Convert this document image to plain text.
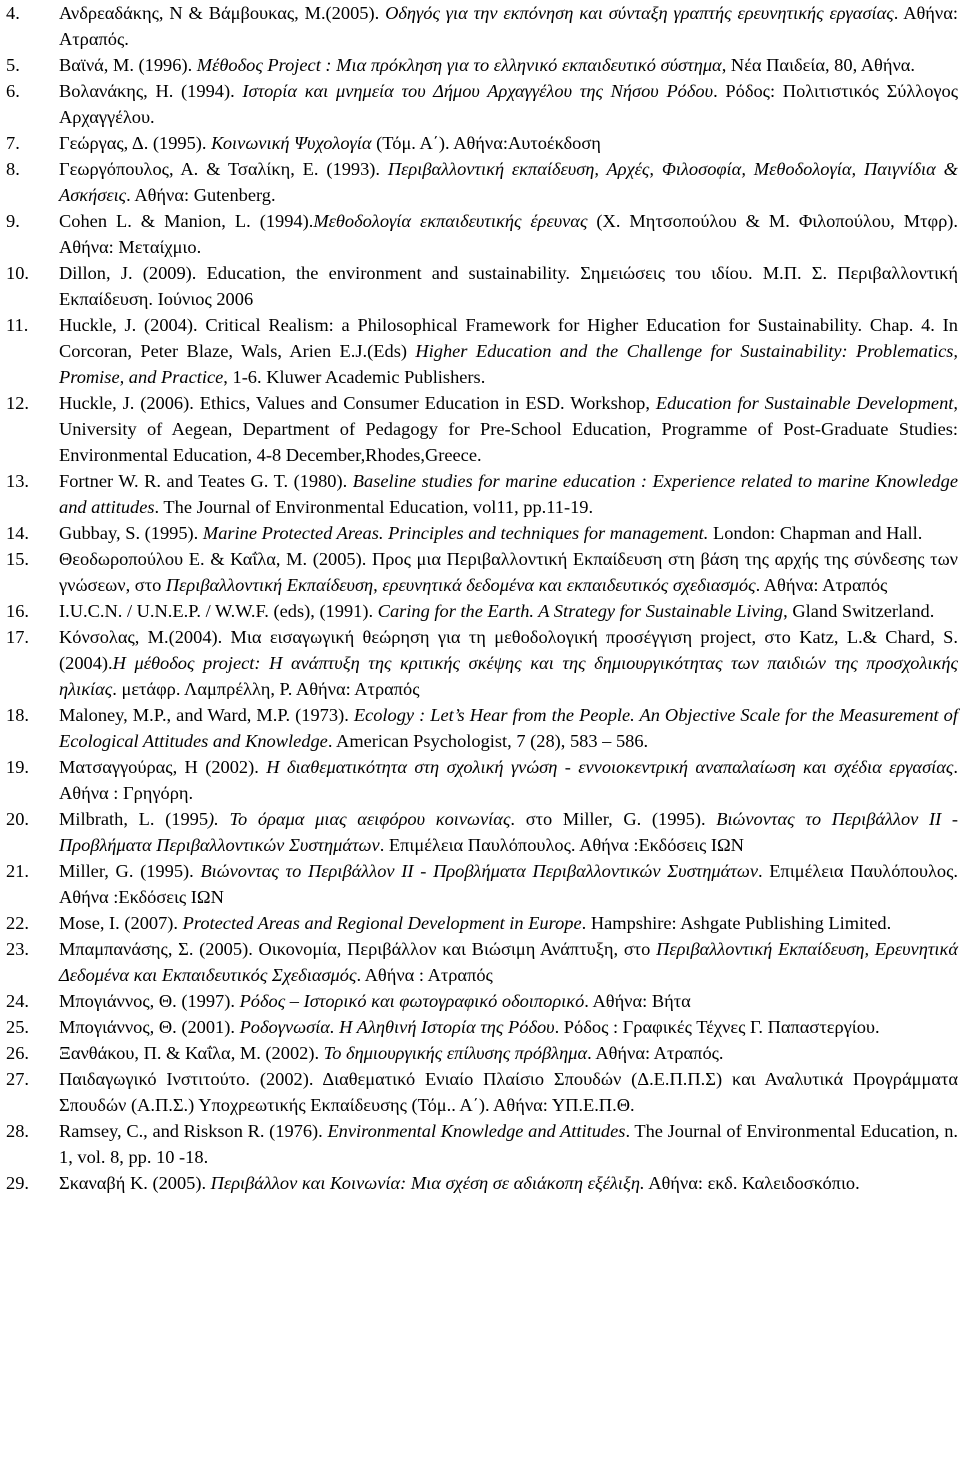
4. Ανδρεαδάκης, Ν & Βάμβουκας, Μ.(2005). Οδηγός για την εκπόνηση και σύνταξη γραπτής ερευνητικής εργασίας. Αθήνα: Ατραπός.
5. Βαϊνά, Μ. (1996). Μέθοδος Project : Μια πρόκληση για το ελληνικό εκπαιδευτικό σύστημα, Νέα Παιδεία, 80, Αθήνα.
6. Βολανάκης, Η. (1994). Ιστορία και μνημεία του Δήμου Αρχαγγέλου της Νήσου Ρόδου. Ρόδος: Πολιτιστικός Σύλλογος Αρχαγγέλου.
7. Γεώργας, Δ. (1995). Κοινωνική Ψυχολογία (Τόμ. Α΄). Αθήνα:Αυτοέκδοση
8. Γεωργόπουλος, Α. & Τσαλίκη, Ε. (1993). Περιβαλλοντική εκπαίδευση, Αρχές, Φιλοσοφία, Μεθοδολογία, Παιγνίδια & Ασκήσεις. Αθήνα: Gutenberg.
9. Cohen L. & Manion, L. (1994).Μεθοδολογία εκπαιδευτικής έρευνας (Χ. Μητσοπούλου & Μ. Φιλοπούλου, Μτφρ). Αθήνα: Μεταίχμιο.
10. Dillon, J. (2009). Education, the environment and sustainability. Σημειώσεις του ιδίου. Μ.Π. Σ. Περιβαλλοντική Εκπαίδευση. Ιούνιος 2006
11. Huckle, J. (2004). Critical Realism: a Philosophical Framework for Higher Education for Sustainability. Chap. 4. In Corcoran, Peter Blaze, Wals, Arien E.J.(Eds) Higher Education and the Challenge for Sustainability: Problematics, Promise, and Practice, 1-6. Kluwer Academic Publishers.
12. Huckle, J. (2006). Ethics, Values and Consumer Education in ESD. Workshop, Education for Sustainable Development, University of Aegean, Department of Pedagogy for Pre-School Education, Programme of Post-Graduate Studies: Environmental Education, 4-8 December,Rhodes,Greece.
13. Fortner W. R. and Teates G. T. (1980). Baseline studies for marine education : Experience related to marine Knowledge and attitudes. The Journal of Environmental Education, vol11, pp.11-19.
14. Gubbay, S. (1995). Marine Protected Areas. Principles and techniques for management. London: Chapman and Hall.
15. Θεοδωροπούλου Ε. & Καΐλα, Μ. (2005). Προς μια Περιβαλλοντική Εκπαίδευση στη βάση της αρχής της σύνδεσης των γνώσεων, στο Περιβαλλοντική Εκπαίδευση, ερευνητικά δεδομένα και εκπαιδευτικός σχεδιασμός. Αθήνα: Ατραπός
16. I.U.C.N. / U.N.E.P. / W.W.F. (eds), (1991). Caring for the Earth. A Strategy for Sustainable Living, Gland Switzerland.
17. Κόνσολας, Μ.(2004). Μια εισαγωγική θεώρηση για τη μεθοδολογική προσέγγιση project, στο Katz, L.& Chard, S.(2004).Η μέθοδος project: Η ανάπτυξη της κριτικής σκέψης και της δημιουργικότητας των παιδιών της προσχολικής ηλικίας. μετάφρ. Λαμπρέλλη, Ρ. Αθήνα: Ατραπός
18. Maloney, M.P., and Ward, M.P. (1973). Ecology : Let’s Hear from the People. An Objective Scale for the Measurement of Ecological Attitudes and Knowledge. American Psychologist, 7 (28), 583 – 586.
19. Ματσαγγούρας, Η (2002). Η διαθεματικότητα στη σχολική γνώση - εννοιοκεντρική αναπαλαίωση και σχέδια εργασίας. Αθήνα : Γρηγόρη.
20. Milbrath, L. (1995). Το όραμα μιας αειφόρου κοινωνίας. στο Miller, G. (1995). Βιώνοντας το Περιβάλλον ΙΙ - Προβλήματα Περιβαλλοντικών Συστημάτων. Επιμέλεια Παυλόπουλος. Αθήνα :Εκδόσεις ΙΩΝ
21. Miller, G. (1995). Βιώνοντας το Περιβάλλον ΙΙ - Προβλήματα Περιβαλλοντικών Συστημάτων. Επιμέλεια Παυλόπουλος. Αθήνα :Εκδόσεις ΙΩΝ
22. Mose, I. (2007). Protected Areas and Regional Development in Europe. Hampshire: Ashgate Publishing Limited.
23. Μπαμπανάσης, Σ. (2005). Οικονομία, Περιβάλλον και Βιώσιμη Ανάπτυξη, στο Περιβαλλοντική Εκπαίδευση, Ερευνητικά Δεδομένα και Εκπαιδευτικός Σχεδιασμός. Αθήνα : Ατραπός
24. Μπογιάννος, Θ. (1997). Ρόδος – Ιστορικό και φωτογραφικό οδοιπορικό. Αθήνα: Βήτα
25. Μπογιάννος, Θ. (2001). Ροδογνωσία. Η Αληθινή Ιστορία της Ρόδου. Ρόδος : Γραφικές Τέχνες Γ. Παπαστεργίου.
26. Ξανθάκου, Π. & Καΐλα, Μ. (2002). Το δημιουργικής επίλυσης πρόβλημα. Αθήνα: Ατραπός.
27. Παιδαγωγικό Ινστιτούτο. (2002). Διαθεματικό Ενιαίο Πλαίσιο Σπουδών (Δ.Ε.Π.Π.Σ) και Αναλυτικά Προγράμματα Σπουδών (Α.Π.Σ.) Υποχρεωτικής Εκπαίδευσης (Τόμ.. Α΄). Αθήνα: ΥΠ.Ε.Π.Θ.
28. Ramsey, C., and Riskson R. (1976). Environmental Knowledge and Attitudes. The Journal of Environmental Education, n. 1, vol. 8, pp. 10 -18.
29. Σκαναβή Κ. (2005). Περιβάλλον και Κοινωνία: Μια σχέση σε αδιάκοπη εξέλιξη. Αθήνα: εκδ. Καλειδοσκόπιο.
